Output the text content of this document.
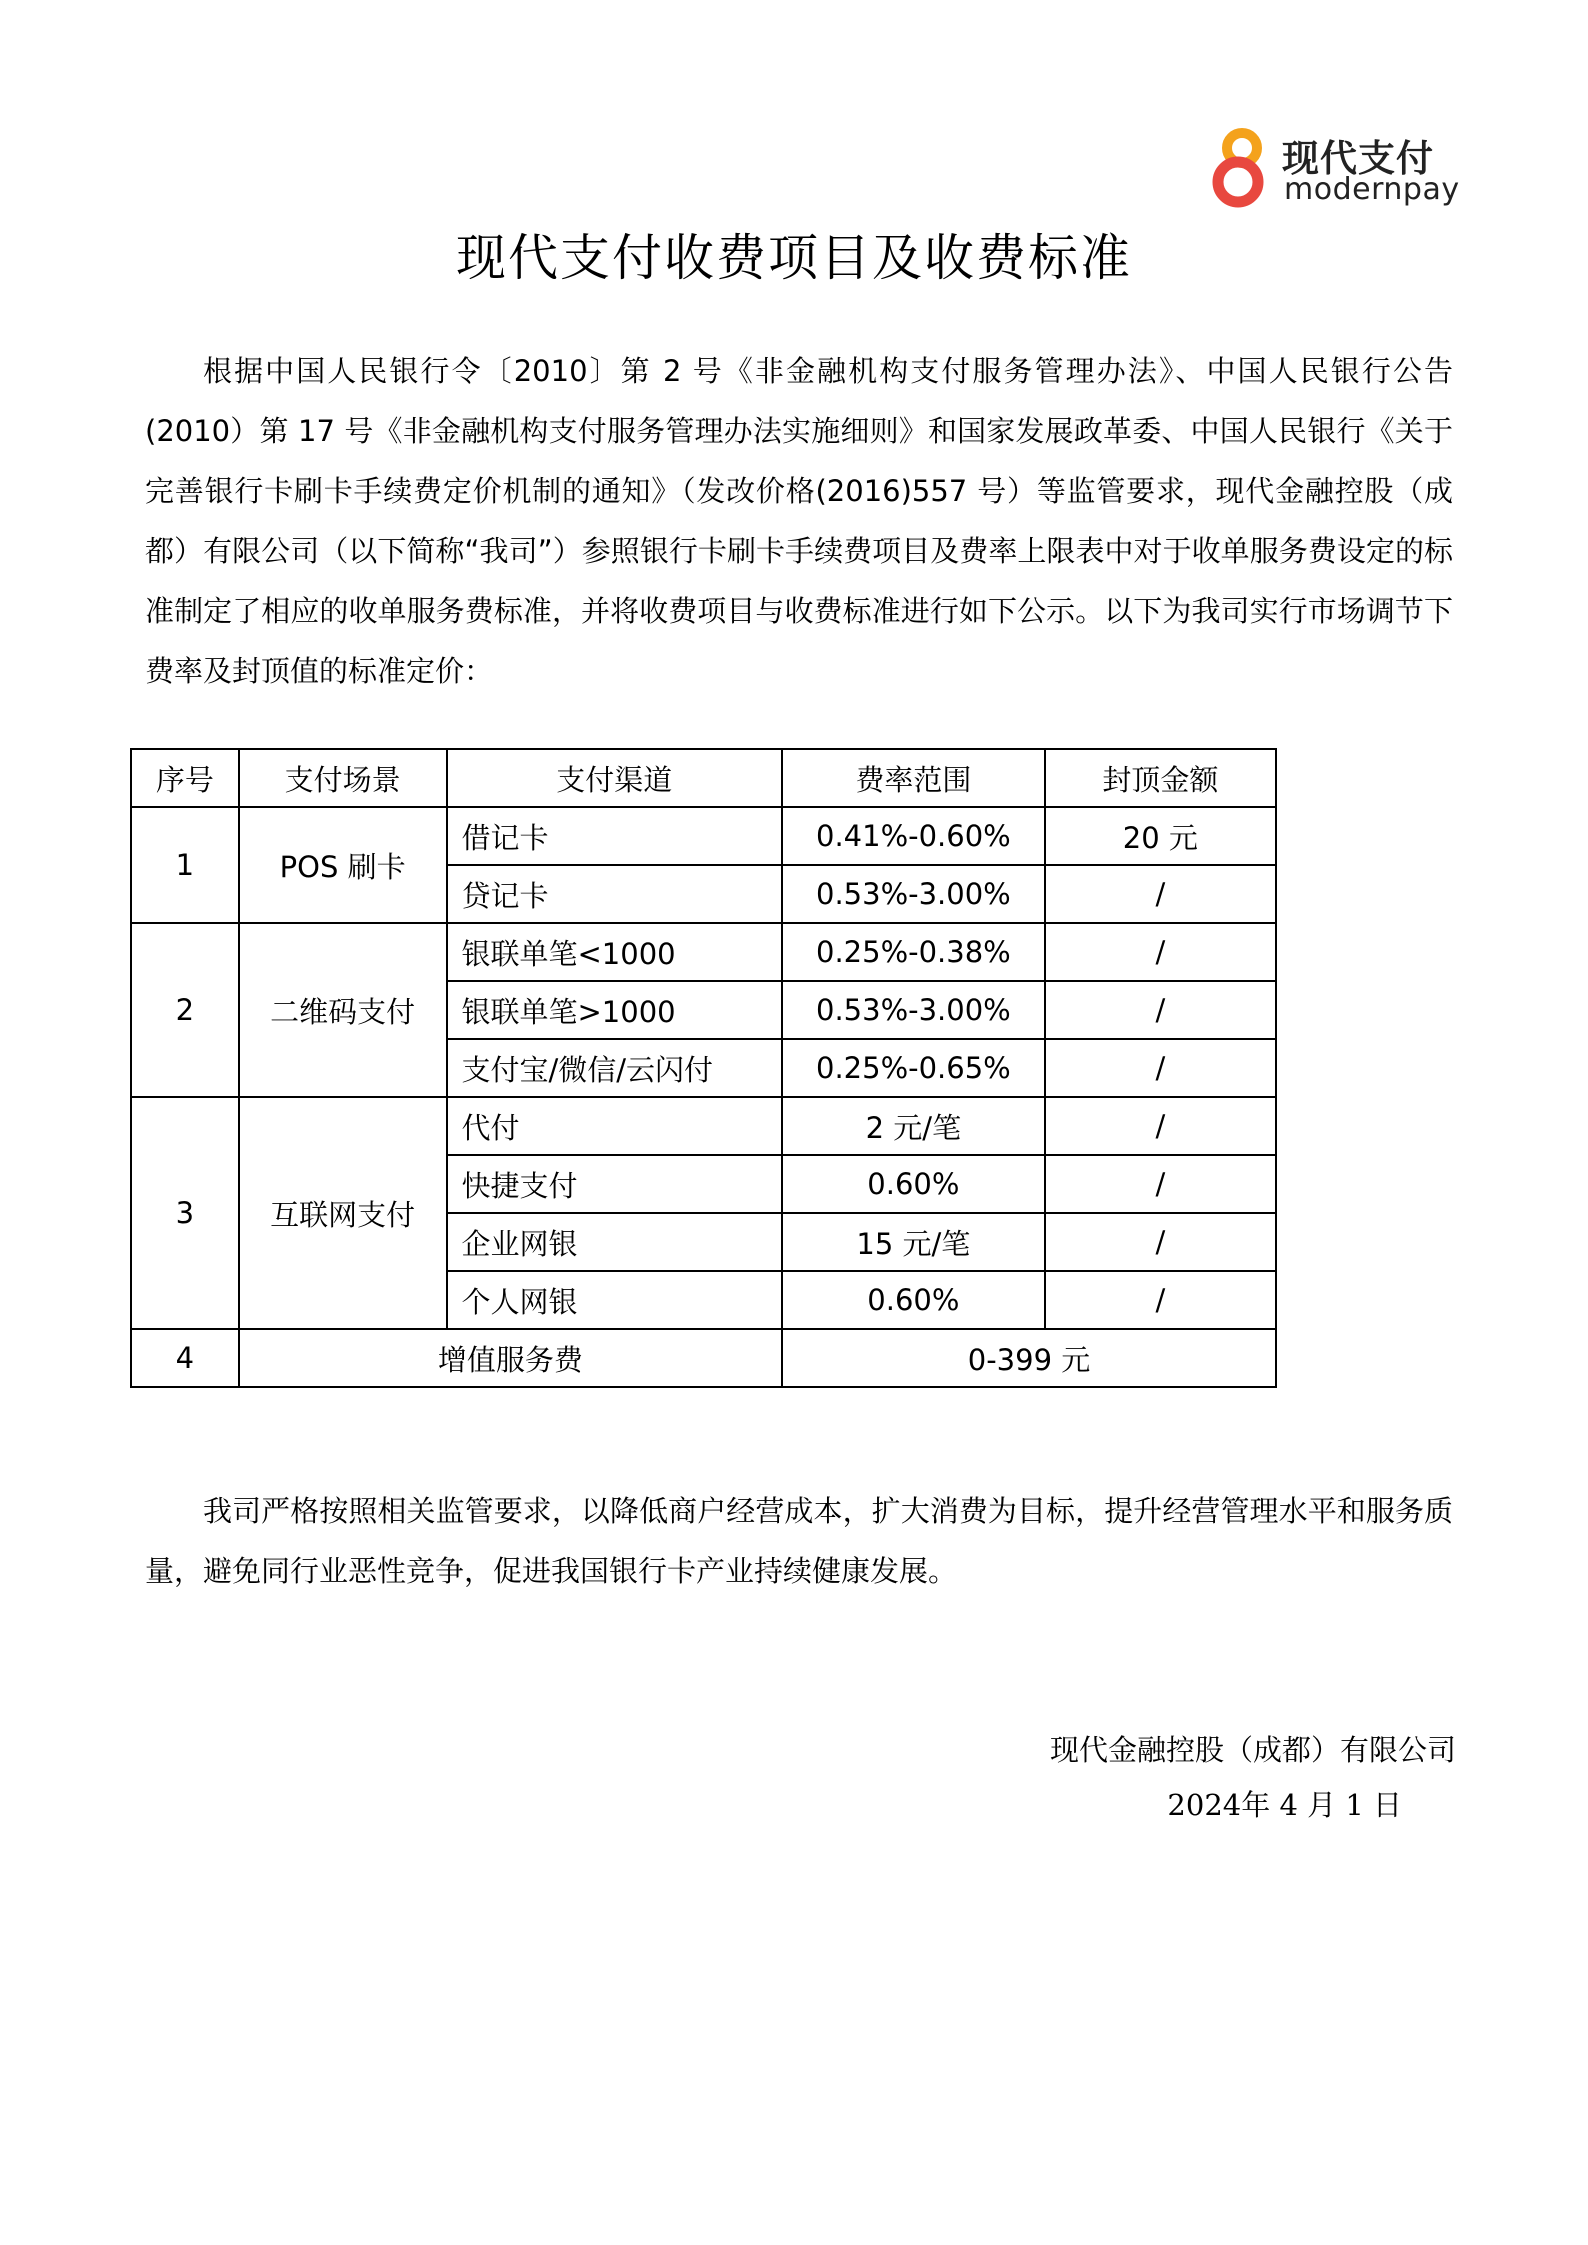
现代支付
modernpay
现代支付收费项目及收费标准

根据中国人民银行令〔2010〕第 2 号《非金融机构支付服务管理办法》、中国人民银行公告(2010）第 17 号《非金融机构支付服务管理办法实施细则》和国家发展政革委、中国人民银行《关于完善银行卡刷卡手续费定价机制的通知》（发改价格(2016)557 号）等监管要求，现代金融控股（成都）有限公司（以下简称“我司”）参照银行卡刷卡手续费项目及费率上限表中对于收单服务费设定的标准制定了相应的收单服务费标准，并将收费项目与收费标准进行如下公示。以下为我司实行市场调节下费率及封顶值的标准定价：

序号	支付场景	支付渠道	费率范围	封顶金额
1	POS 刷卡	借记卡	0.41%-0.60%	20 元
		贷记卡	0.53%-3.00%	/
2	二维码支付	银联单笔<1000	0.25%-0.38%	/
		银联单笔>1000	0.53%-3.00%	/
		支付宝/微信/云闪付	0.25%-0.65%	/
3	互联网支付	代付	2 元/笔	/
		快捷支付	0.60%	/
		企业网银	15 元/笔	/
		个人网银	0.60%	/
4	增值服务费		0-399 元	

我司严格按照相关监管要求，以降低商户经营成本，扩大消费为目标，提升经营管理水平和服务质量，避免同行业恶性竞争，促进我国银行卡产业持续健康发展。

现代金融控股（成都）有限公司
2024年 4 月 1 日
